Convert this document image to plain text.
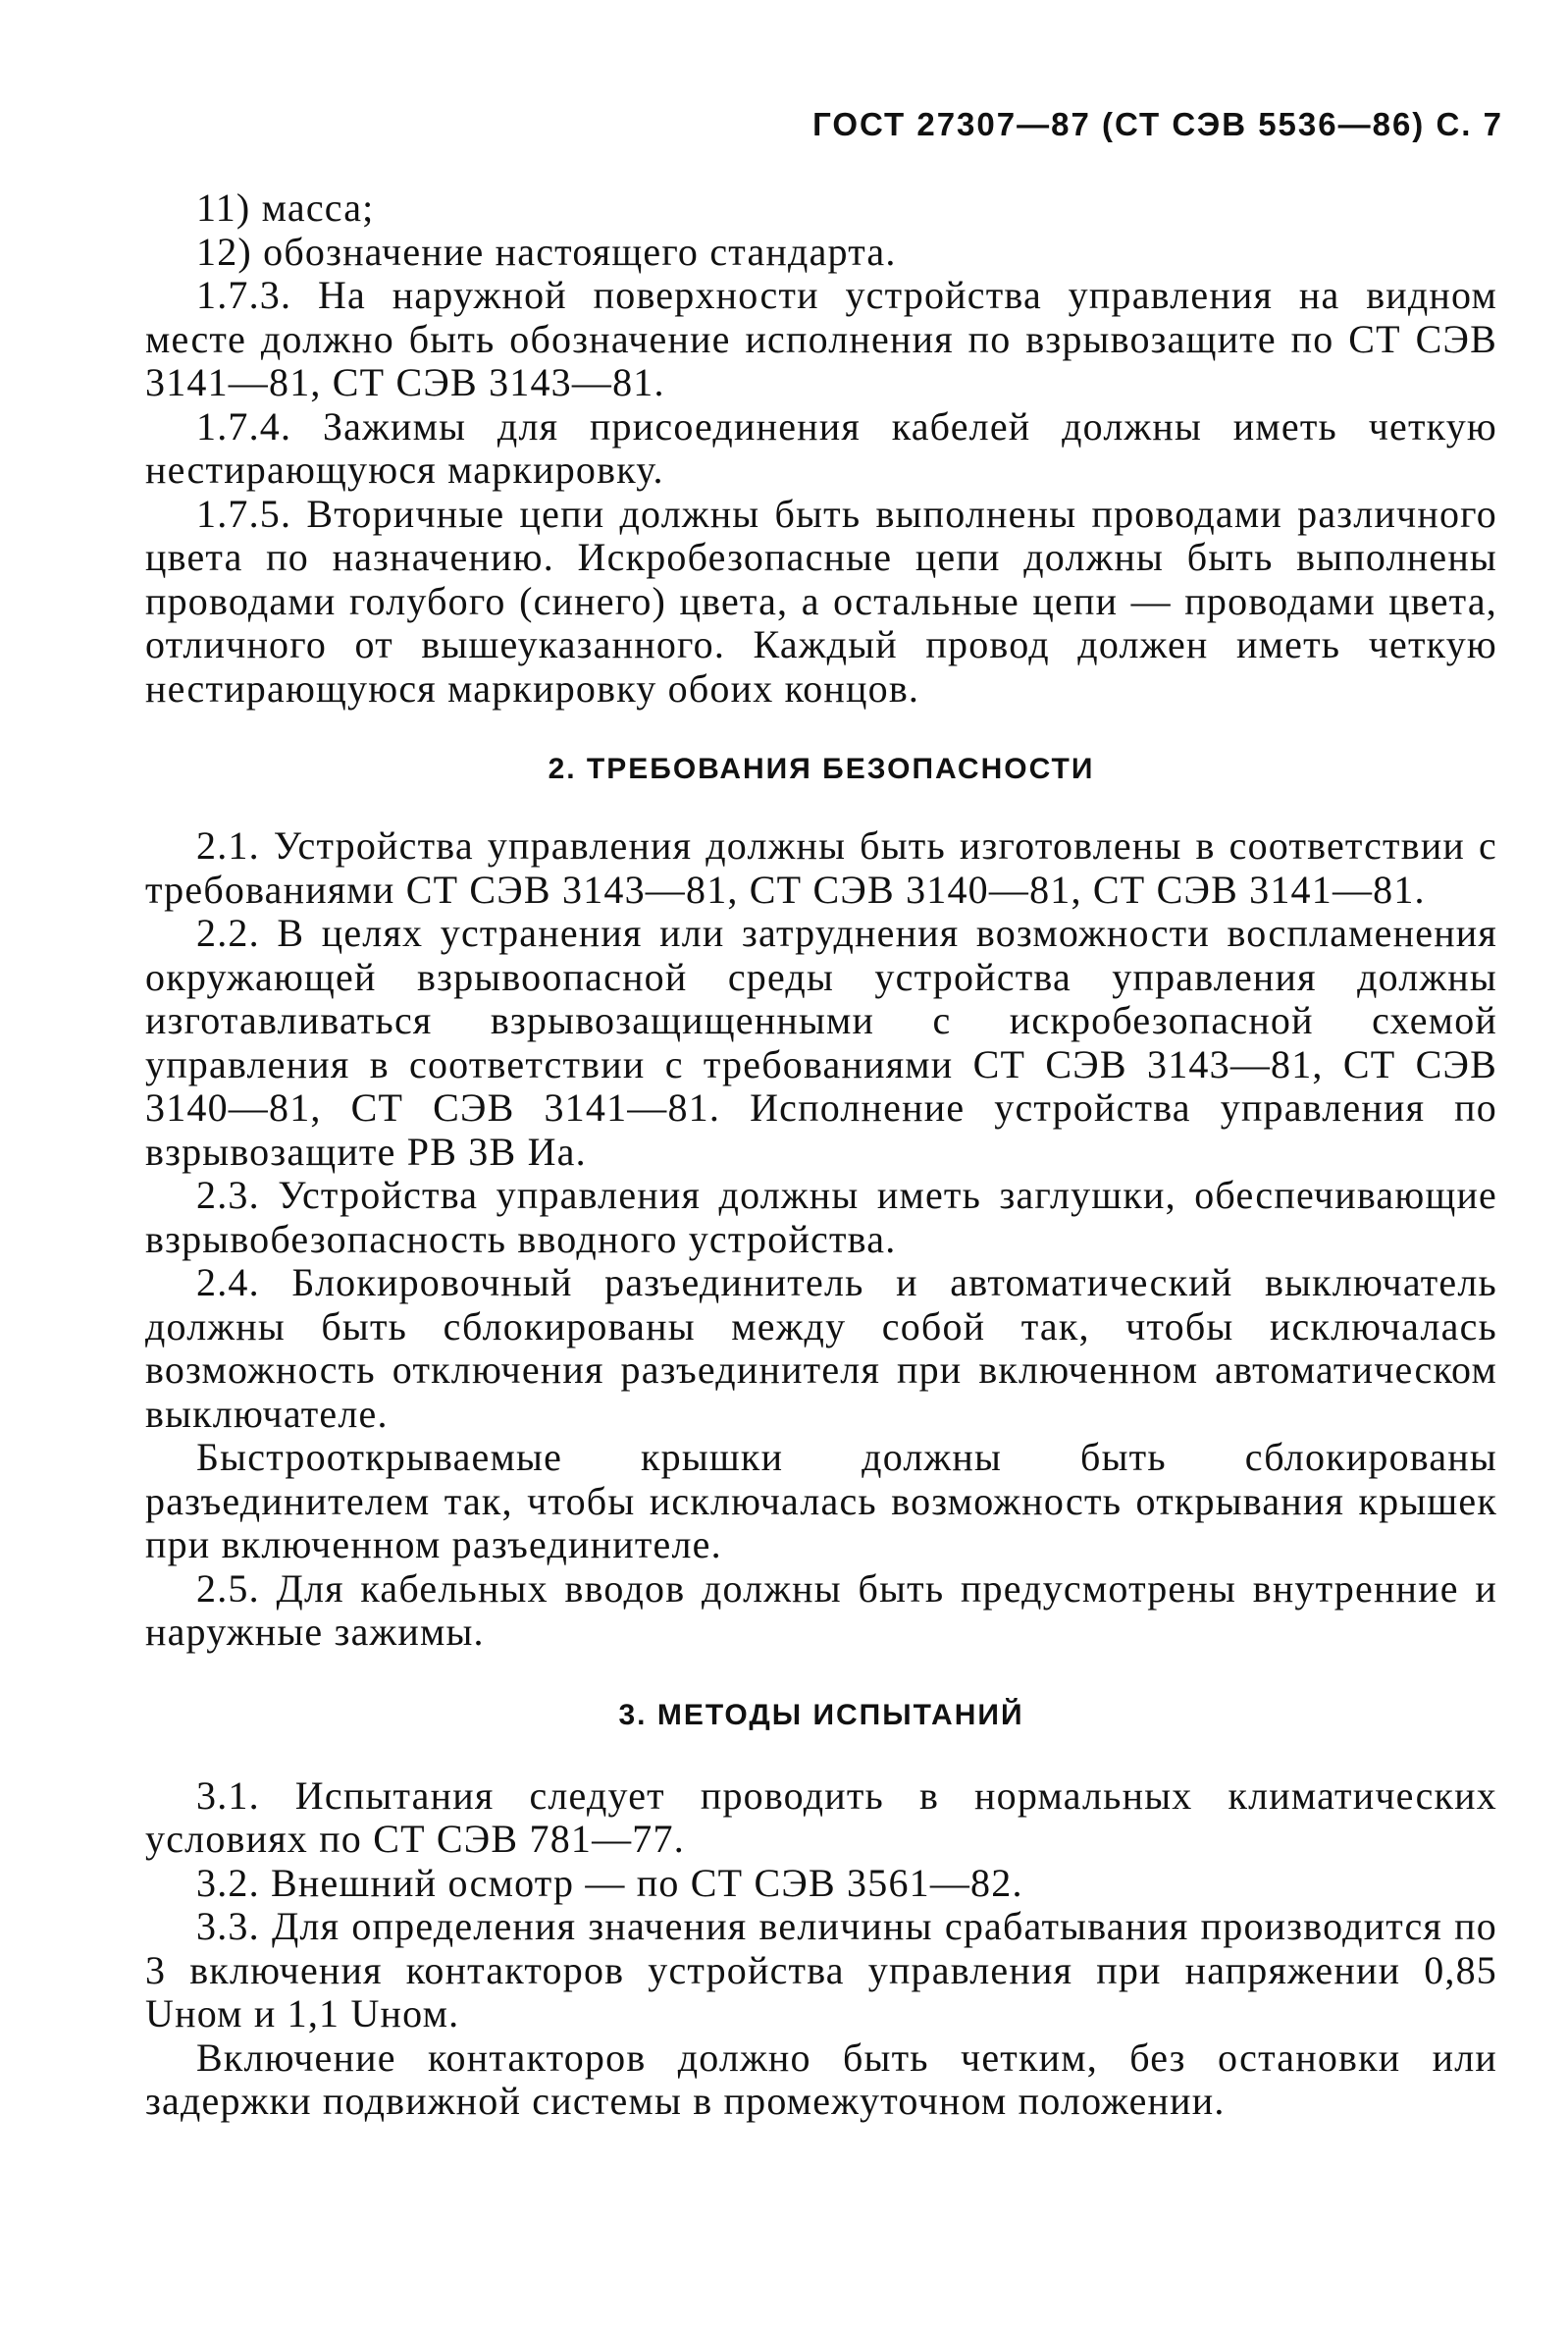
ГОСТ 27307—87 (СТ СЭВ 5536—86) С. 7

11) масса;

12) обозначение настоящего стандарта.

1.7.3. На наружной поверхности устройства управления на видном месте должно быть обозначение исполнения по взрывозащите по СТ СЭВ 3141—81, СТ СЭВ 3143—81.

1.7.4. Зажимы для присоединения кабелей должны иметь четкую нестирающуюся маркировку.

1.7.5. Вторичные цепи должны быть выполнены проводами различного цвета по назначению. Искробезопасные цепи должны быть выполнены проводами голубого (синего) цвета, а остальные цепи — проводами цвета, отличного от вышеуказанного. Каждый провод должен иметь четкую нестирающуюся маркировку обоих концов.

2. ТРЕБОВАНИЯ БЕЗОПАСНОСТИ

2.1. Устройства управления должны быть изготовлены в соответствии с требованиями СТ СЭВ 3143—81, СТ СЭВ 3140—81, СТ СЭВ 3141—81.

2.2. В целях устранения или затруднения возможности воспламенения окружающей взрывоопасной среды устройства управления должны изготавливаться взрывозащищенными с искробезопасной схемой управления в соответствии с требованиями СТ СЭВ 3143—81, СТ СЭВ 3140—81, СТ СЭВ 3141—81. Исполнение устройства управления по взрывозащите РВ 3В Иа.

2.3. Устройства управления должны иметь заглушки, обеспечивающие взрывобезопасность вводного устройства.

2.4. Блокировочный разъединитель и автоматический выключатель должны быть сблокированы между собой так, чтобы исключалась возможность отключения разъединителя при включенном автоматическом выключателе.

Быстрооткрываемые крышки должны быть сблокированы разъединителем так, чтобы исключалась возможность открывания крышек при включенном разъединителе.

2.5. Для кабельных вводов должны быть предусмотрены внутренние и наружные зажимы.

3. МЕТОДЫ ИСПЫТАНИЙ

3.1. Испытания следует проводить в нормальных климатических условиях по СТ СЭВ 781—77.

3.2. Внешний осмотр — по СТ СЭВ 3561—82.

3.3. Для определения значения величины срабатывания производится по 3 включения контакторов устройства управления при напряжении 0,85 Uном и 1,1 Uном.

Включение контакторов должно быть четким, без остановки или задержки подвижной системы в промежуточном положении.
